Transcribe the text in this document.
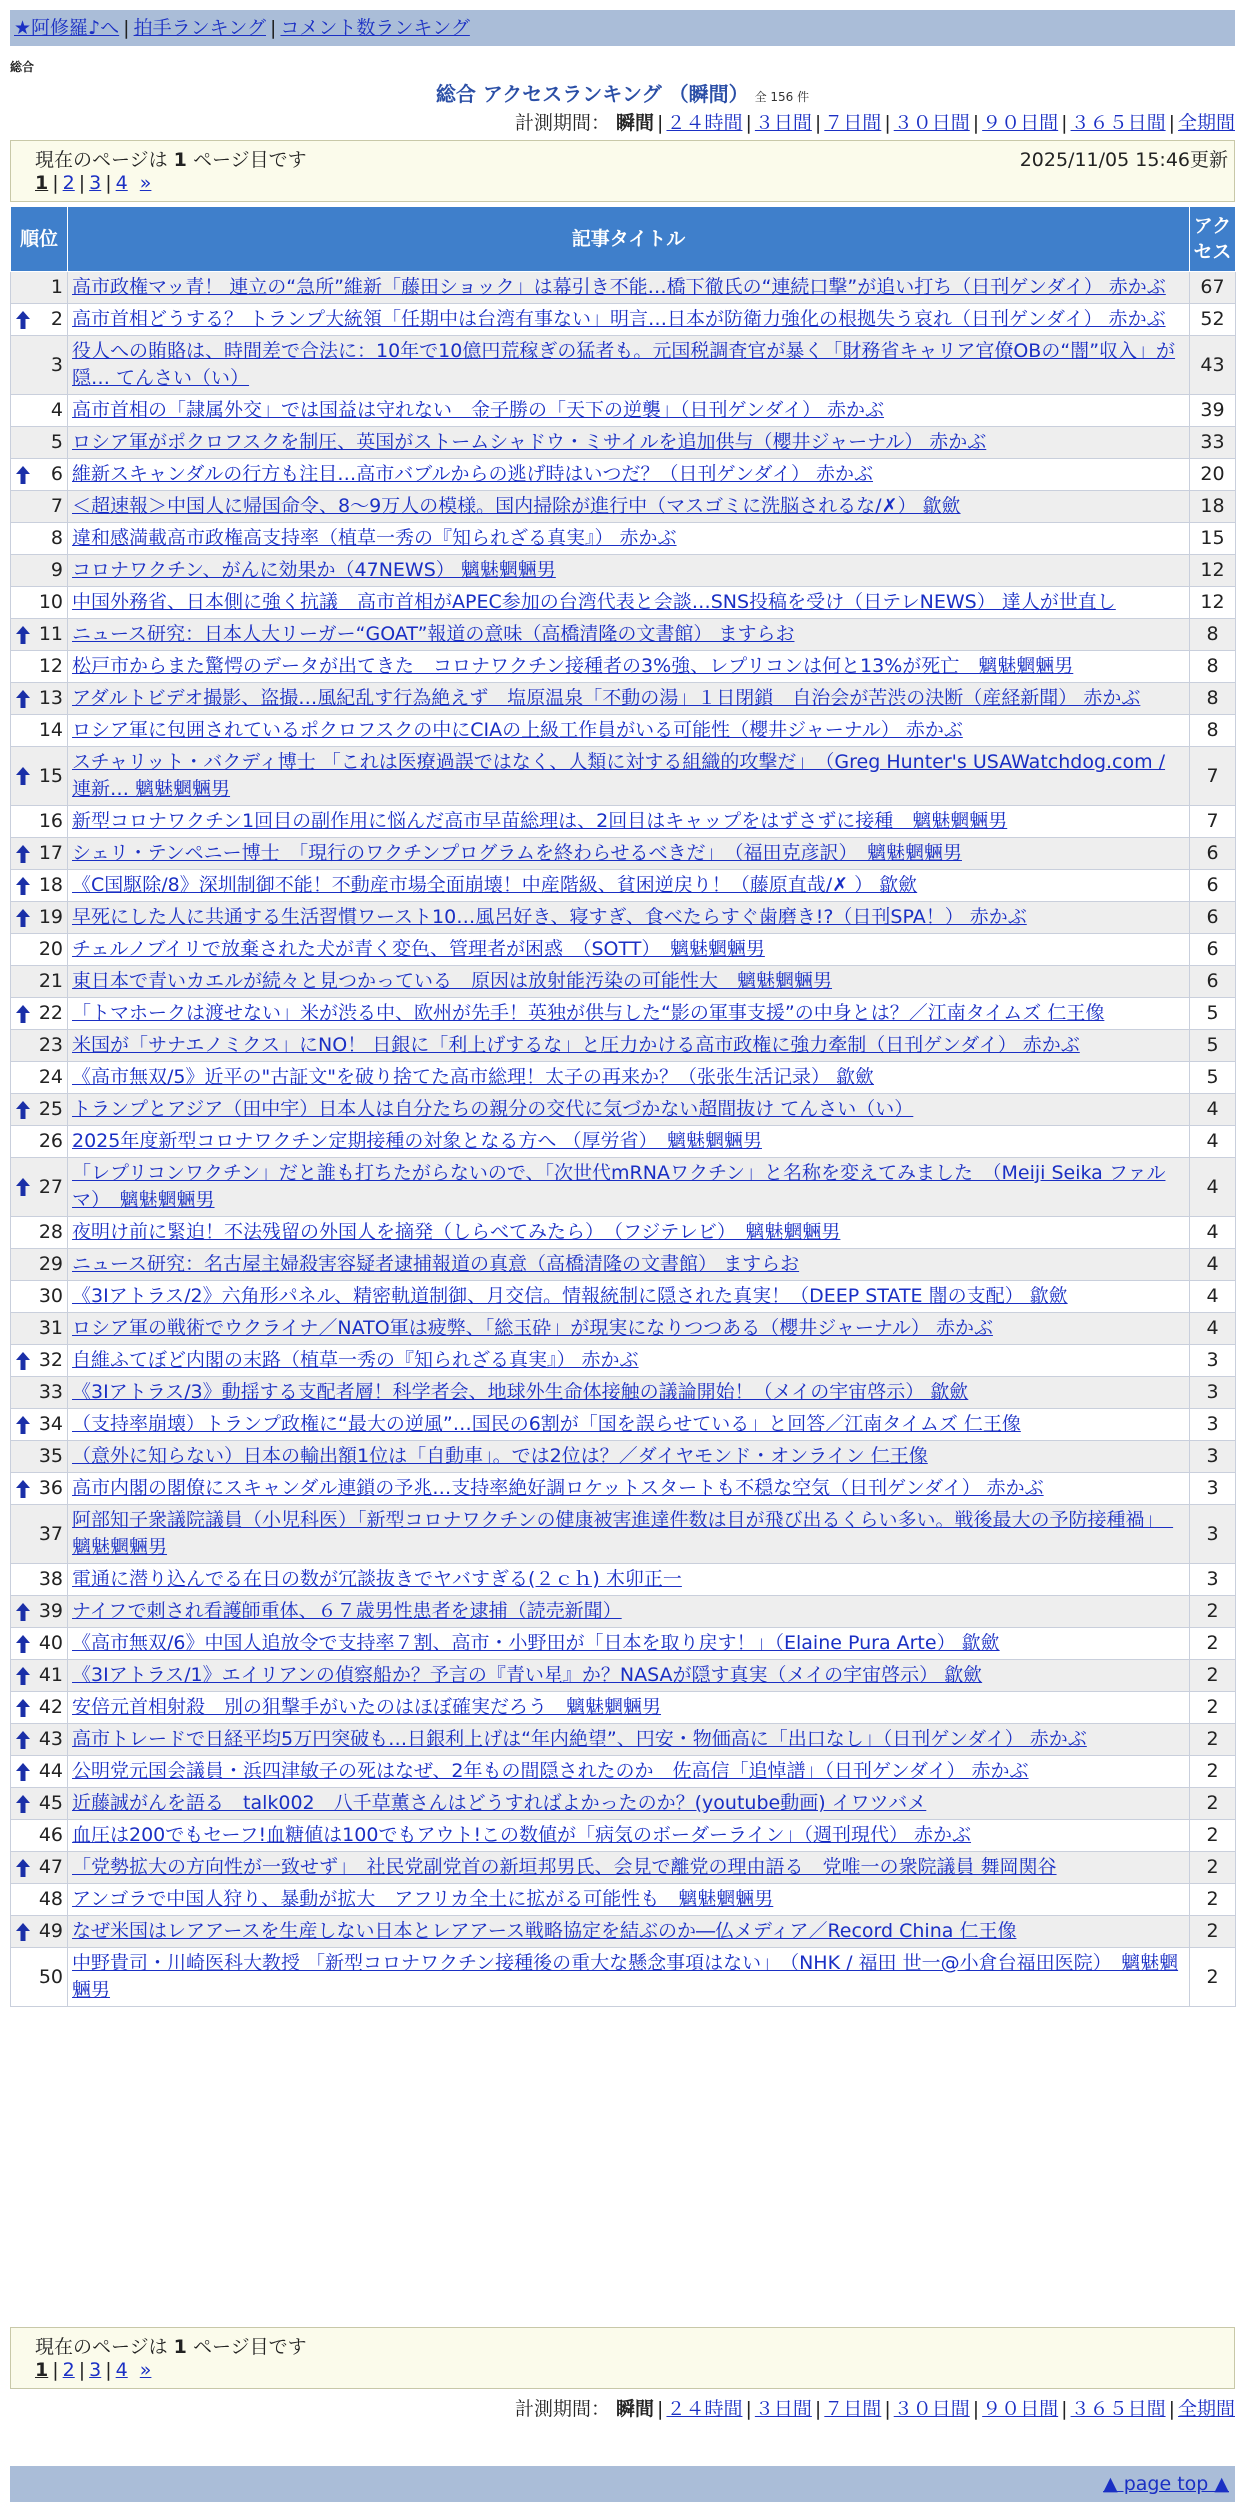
★阿修羅♪へ | 拍手ランキング | コメント数ランキング
総合
総合 アクセスランキング （瞬間） 全 156 件
計測期間： 瞬間 | ２４時間 | ３日間 | ７日間 | ３０日間 | ９０日間 | ３６５日間 | 全期間
現在のページは 1 ページ目です	2025/11/05 15:46更新
1 | 2 | 3 | 4 »
順位	記事タイトル	アクセス
1	高市政権マッ青！ 連立の“急所”維新「藤田ショック」は幕引き不能…橋下徹氏の“連続口撃”が追い打ち（日刊ゲンダイ） 赤かぶ	67

2	高市首相どうする？ トランプ大統領「任期中は台湾有事ない」明言…日本が防衛力強化の根拠失う哀れ（日刊ゲンダイ） 赤かぶ	52
3	役人への賄賂は、時間差で合法に：10年で10億円荒稼ぎの猛者も。元国税調査官が暴く「財務省キャリア官僚OBの“闇”収入」が隠… てんさい（い）	43
4	高市首相の「隷属外交」では国益は守れない　金子勝の「天下の逆襲」（日刊ゲンダイ） 赤かぶ	39
5	ロシア軍がポクロフスクを制圧、英国がストームシャドウ・ミサイルを追加供与（櫻井ジャーナル） 赤かぶ	33

6	維新スキャンダルの行方も注目…高市バブルからの逃げ時はいつだ？（日刊ゲンダイ） 赤かぶ	20
7	＜超速報＞中国人に帰国命令、8～9万人の模様。国内掃除が進行中（マスゴミに洗脳されるな/✗） 歙歛	18
8	違和感満載高市政権高支持率（植草一秀の『知られざる真実』） 赤かぶ	15
9	コロナワクチン、がんに効果か（47NEWS） 魑魅魍魎男	12
10	中国外務省、日本側に強く抗議　高市首相がAPEC参加の台湾代表と会談…SNS投稿を受け（日テレNEWS） 達人が世直し	12

11	ニュース研究：日本人大リーガー“GOAT”報道の意味（高橋清隆の文書館） ますらお	8
12	松戸市からまた驚愕のデータが出てきた　コロナワクチン接種者の3%強、レプリコンは何と13%が死亡　魑魅魍魎男	8

13	アダルトビデオ撮影、盗撮…風紀乱す行為絶えず　塩原温泉「不動の湯」１日閉鎖　自治会が苦渋の決断（産経新聞） 赤かぶ	8
14	ロシア軍に包囲されているポクロフスクの中にCIAの上級工作員がいる可能性（櫻井ジャーナル） 赤かぶ	8

15	スチャリット・バクディ博士 「これは医療過誤ではなく、人類に対する組織的攻撃だ」　（Greg Hunter's USAWatchdog.com / 連新… 魑魅魍魎男	7
16	新型コロナワクチン1回目の副作用に悩んだ高市早苗総理は、2回目はキャップをはずさずに接種　魑魅魍魎男	7

17	シェリ・テンペニー博士　「現行のワクチンプログラムを終わらせるべきだ」　（福田克彦訳）　魑魅魍魎男	6

18	《C国駆除/8》深圳制御不能！不動産市場全面崩壊！中産階級、貧困逆戻り！（藤原直哉/✗ ） 歙歛	6

19	早死にした人に共通する生活習慣ワースト10…風呂好き、寝すぎ、食べたらすぐ歯磨き!?（日刊SPA！） 赤かぶ	6
20	チェルノブイリで放棄された犬が青く変色、管理者が困惑　（SOTT）　魑魅魍魎男	6
21	東日本で青いカエルが続々と見つかっている　原因は放射能汚染の可能性大　魑魅魍魎男	6

22	「トマホークは渡せない」米が渋る中、欧州が先手！英独が供与した“影の軍事支援”の中身とは？／江南タイムズ 仁王像	5
23	米国が「サナエノミクス」にNO！ 日銀に「利上げするな」と圧力かける高市政権に強力牽制（日刊ゲンダイ） 赤かぶ	5
24	《高市無双/5》近平の"古証文"を破り捨てた高市総理！太子の再来か？（张张生活记录） 歙歛	5

25	トランプとアジア（田中宇）日本人は自分たちの親分の交代に気づかない超間抜け てんさい（い）	4
26	2025年度新型コロナワクチン定期接種の対象となる方へ （厚労省）　魑魅魍魎男	4

27	「レプリコンワクチン」だと誰も打ちたがらないので、「次世代mRNAワクチン」と名称を変えてみました　（Meiji Seika ファルマ）　魑魅魍魎男	4
28	夜明け前に緊迫！不法残留の外国人を摘発（しらべてみたら）　（フジテレビ）　魑魅魍魎男	4
29	ニュース研究：名古屋主婦殺害容疑者逮捕報道の真意（高橋清隆の文書館） ますらお	4
30	《3Iアトラス/2》六角形パネル、精密軌道制御、月交信。情報統制に隠された真実！（DEEP STATE 闇の支配） 歙歛	4
31	ロシア軍の戦術でウクライナ／NATO軍は疲弊、「総玉砕」が現実になりつつある（櫻井ジャーナル） 赤かぶ	4

32	自維ふてぼど内閣の末路（植草一秀の『知られざる真実』） 赤かぶ	3
33	《3Iアトラス/3》動揺する支配者層！科学者会、地球外生命体接触の議論開始！（メイの宇宙啓示） 歙歛	3

34	（支持率崩壊）トランプ政権に“最大の逆風”…国民の6割が「国を誤らせている」と回答／江南タイムズ 仁王像	3
35	（意外に知らない）日本の輸出額1位は「自動車」。では2位は？／ダイヤモンド・オンライン 仁王像	3

36	高市内閣の閣僚にスキャンダル連鎖の予兆…支持率絶好調ロケットスタートも不穏な空気（日刊ゲンダイ） 赤かぶ	3
37	阿部知子衆議院議員（小児科医）「新型コロナワクチンの健康被害進達件数は目が飛び出るくらい多い。戦後最大の予防接種禍」　魑魅魍魎男	3
38	電通に潜り込んでる在日の数が冗談抜きでヤバすぎる(２ｃｈ) 木卯正一	3

39	ナイフで刺され看護師重体、６７歳男性患者を逮捕（読売新聞）	2

40	《高市無双/6》中国人追放令で支持率７割、高市・小野田が「日本を取り戻す！」（Elaine Pura Arte） 歙歛	2

41	《3Iアトラス/1》エイリアンの偵察船か？予言の『青い星』か？NASAが隠す真実（メイの宇宙啓示） 歙歛	2

42	安倍元首相射殺　別の狙撃手がいたのはほぼ確実だろう　魑魅魍魎男	2

43	高市トレードで日経平均5万円突破も…日銀利上げは“年内絶望”、円安・物価高に「出口なし」（日刊ゲンダイ） 赤かぶ	2

44	公明党元国会議員・浜四津敏子の死はなぜ、2年もの間隠されたのか　佐高信「追悼譜」（日刊ゲンダイ） 赤かぶ	2

45	近藤誠がんを語る　talk002　八千草薫さんはどうすればよかったのか？(youtube動画) イワツバメ	2
46	血圧は200でもセーフ!血糖値は100でもアウト!この数値が「病気のボーダーライン」（週刊現代） 赤かぶ	2

47	「党勢拡大の方向性が一致せず」　社民党副党首の新垣邦男氏、会見で離党の理由語る　党唯一の衆院議員 舞岡関谷	2
48	アンゴラで中国人狩り、暴動が拡大　アフリカ全土に拡がる可能性も　魑魅魍魎男	2

49	なぜ米国はレアアースを生産しない日本とレアアース戦略協定を結ぶのか―仏メディア／Record China 仁王像	2
50	中野貴司・川崎医科大教授 「新型コロナワクチン接種後の重大な懸念事項はない」　（NHK / 福田 世一@小倉台福田医院）　魑魅魍魎男	2
現在のページは 1 ページ目です
1 | 2 | 3 | 4 »
計測期間： 瞬間 | ２４時間 | ３日間 | ７日間 | ３０日間 | ９０日間 | ３６５日間 | 全期間
▲ page top ▲
